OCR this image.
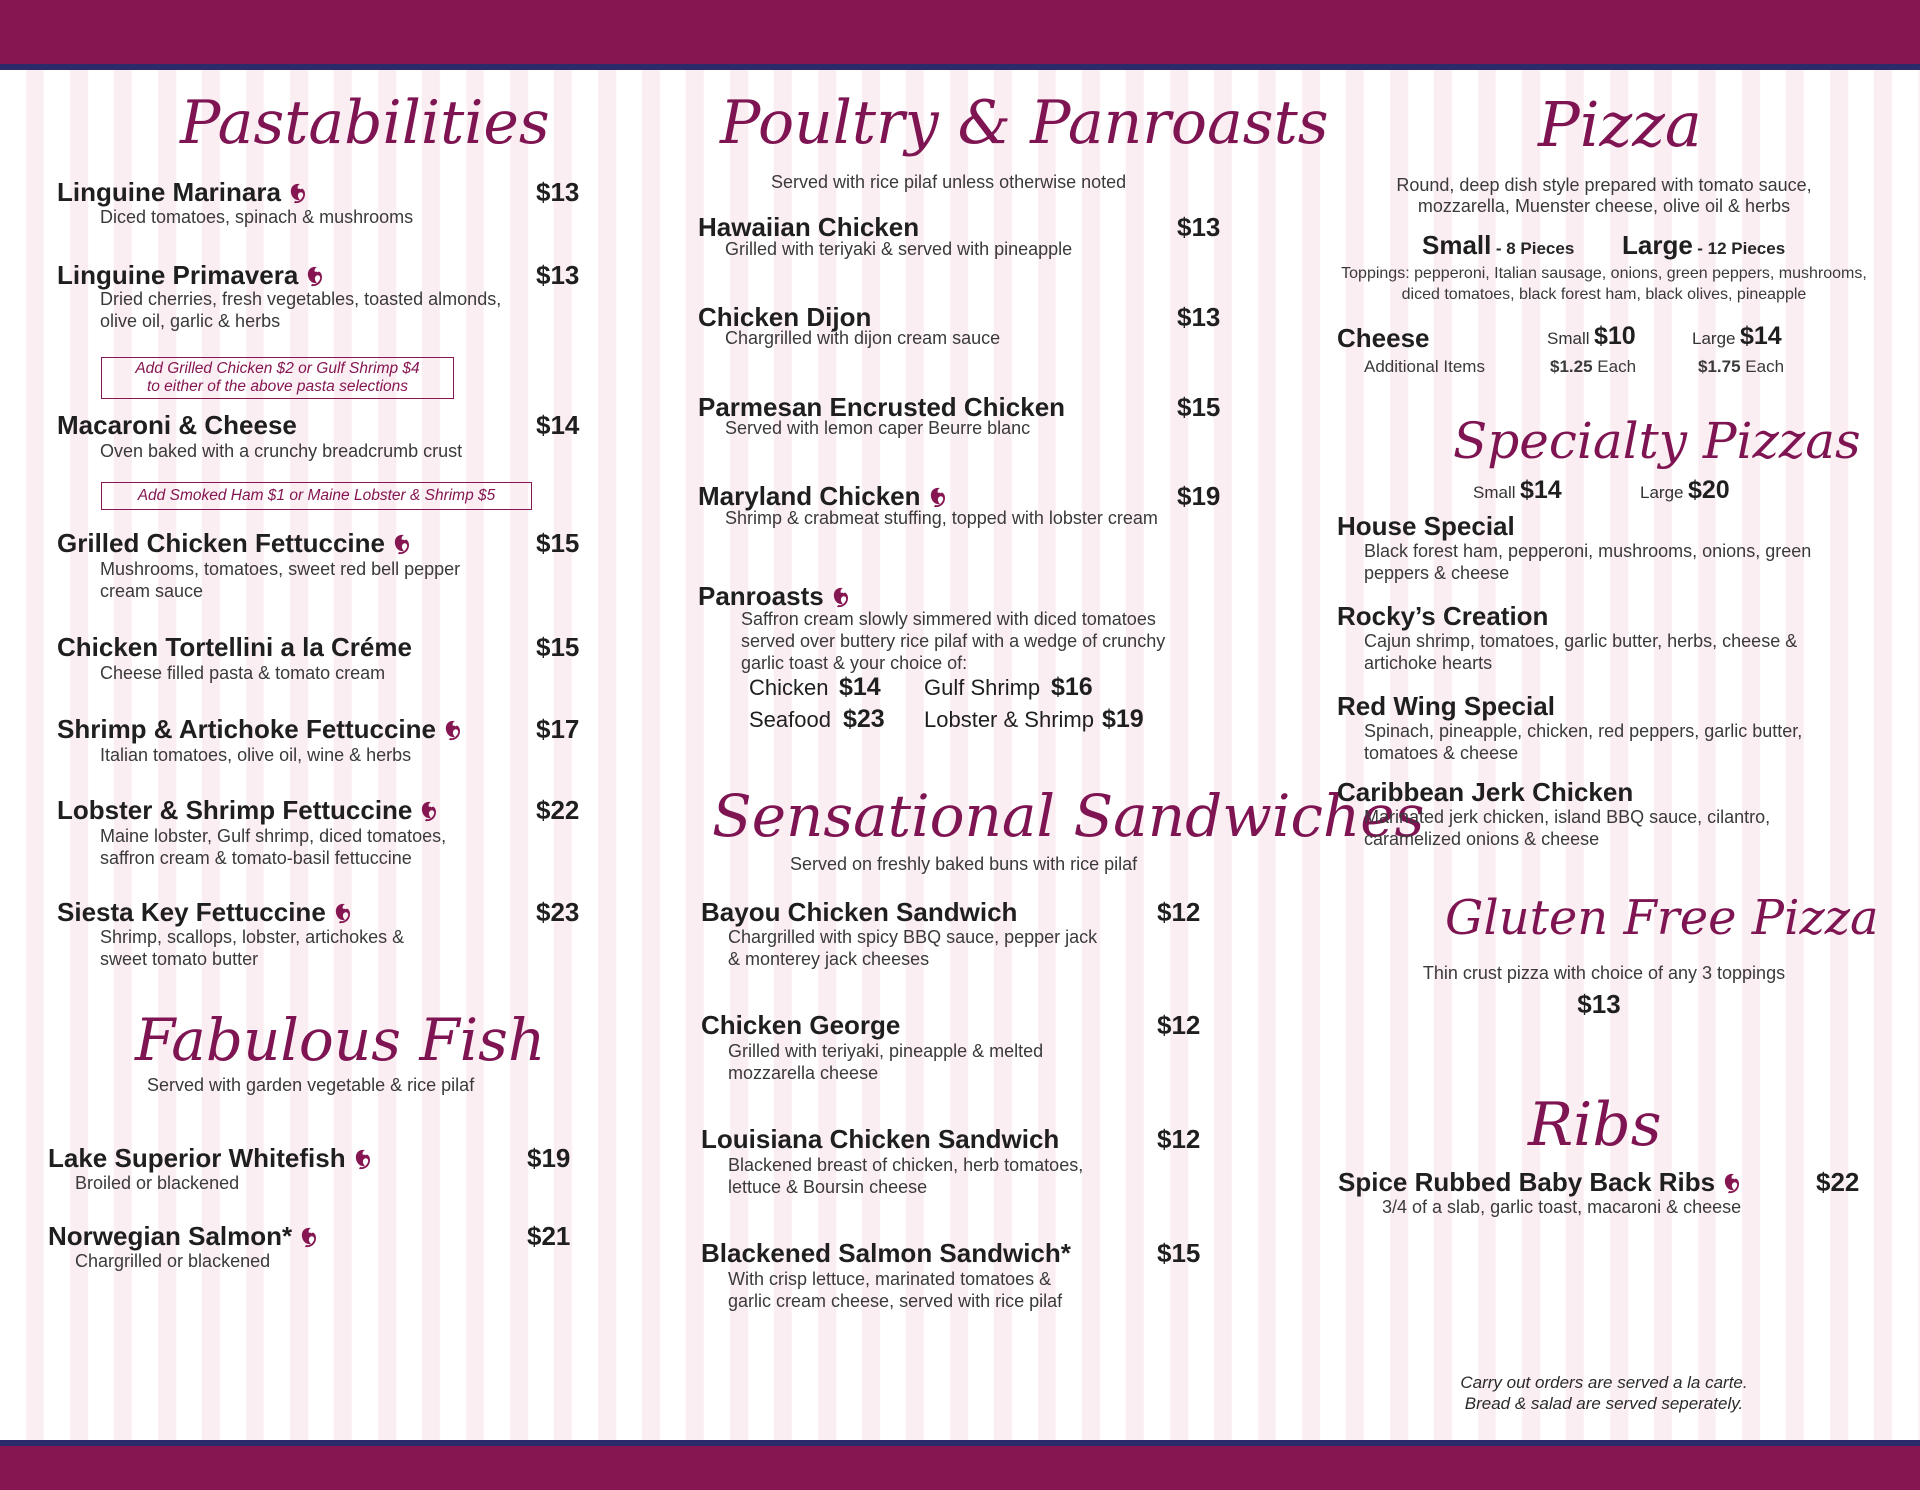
Pastabilities
Linguine Marinara	$13
Diced tomatoes, spinach & mushrooms
Linguine Primavera	$13
Dried cherries, fresh vegetables, toasted almonds,
olive oil, garlic & herbs
Add Grilled Chicken $2 or Gulf Shrimp $4
to either of the above pasta selections
Macaroni & Cheese	$14
Oven baked with a crunchy breadcrumb crust
Add Smoked Ham $1 or Maine Lobster & Shrimp $5
Grilled Chicken Fettuccine	$15
Mushrooms, tomatoes, sweet red bell pepper
cream sauce
Chicken Tortellini a la Créme	$15
Cheese filled pasta & tomato cream
Shrimp & Artichoke Fettuccine	$17
Italian tomatoes, olive oil, wine & herbs
Lobster & Shrimp Fettuccine	$22
Maine lobster, Gulf shrimp, diced tomatoes,
saffron cream & tomato-basil fettuccine
Siesta Key Fettuccine	$23
Shrimp, scallops, lobster, artichokes &
sweet tomato butter
Fabulous Fish
Served with garden vegetable & rice pilaf
Lake Superior Whitefish	$19
Broiled or blackened
Norwegian Salmon*	$21
Chargrilled or blackened
Poultry & Panroasts
Served with rice pilaf unless otherwise noted
Hawaiian Chicken	$13
Grilled with teriyaki & served with pineapple
Chicken Dijon	$13
Chargrilled with dijon cream sauce
Parmesan Encrusted Chicken	$15
Served with lemon caper Beurre blanc
Maryland Chicken	$19
Shrimp & crabmeat stuffing, topped with lobster cream
Panroasts
Saffron cream slowly simmered with diced tomatoes
served over buttery rice pilaf with a wedge of crunchy
garlic toast & your choice of:
Chicken $14 Gulf Shrimp $16
Seafood $23 Lobster & Shrimp $19
Sensational Sandwiches
Served on freshly baked buns with rice pilaf
Bayou Chicken Sandwich	$12
Chargrilled with spicy BBQ sauce, pepper jack
& monterey jack cheeses
Chicken George	$12
Grilled with teriyaki, pineapple & melted
mozzarella cheese
Louisiana Chicken Sandwich	$12
Blackened breast of chicken, herb tomatoes,
lettuce & Boursin cheese
Blackened Salmon Sandwich*	$15
With crisp lettuce, marinated tomatoes &
garlic cream cheese, served with rice pilaf
Pizza
Round, deep dish style prepared with tomato sauce,
mozzarella, Muenster cheese, olive oil & herbs
Small - 8 Pieces Large - 12 Pieces
Toppings: pepperoni, Italian sausage, onions, green peppers, mushrooms,
diced tomatoes, black forest ham, black olives, pineapple
Cheese	Small $10	Large $14
Additional Items	$1.25 Each	$1.75 Each
Specialty Pizzas
Small $14	Large $20
House Special
Black forest ham, pepperoni, mushrooms, onions, green
peppers & cheese
Rocky’s Creation
Cajun shrimp, tomatoes, garlic butter, herbs, cheese &
artichoke hearts
Red Wing Special
Spinach, pineapple, chicken, red peppers, garlic butter,
tomatoes & cheese
Caribbean Jerk Chicken
Marinated jerk chicken, island BBQ sauce, cilantro,
caramelized onions & cheese
Gluten Free Pizza
Thin crust pizza with choice of any 3 toppings
$13
Ribs
Spice Rubbed Baby Back Ribs	$22
3/4 of a slab, garlic toast, macaroni & cheese
Carry out orders are served a la carte.
Bread & salad are served seperately.
